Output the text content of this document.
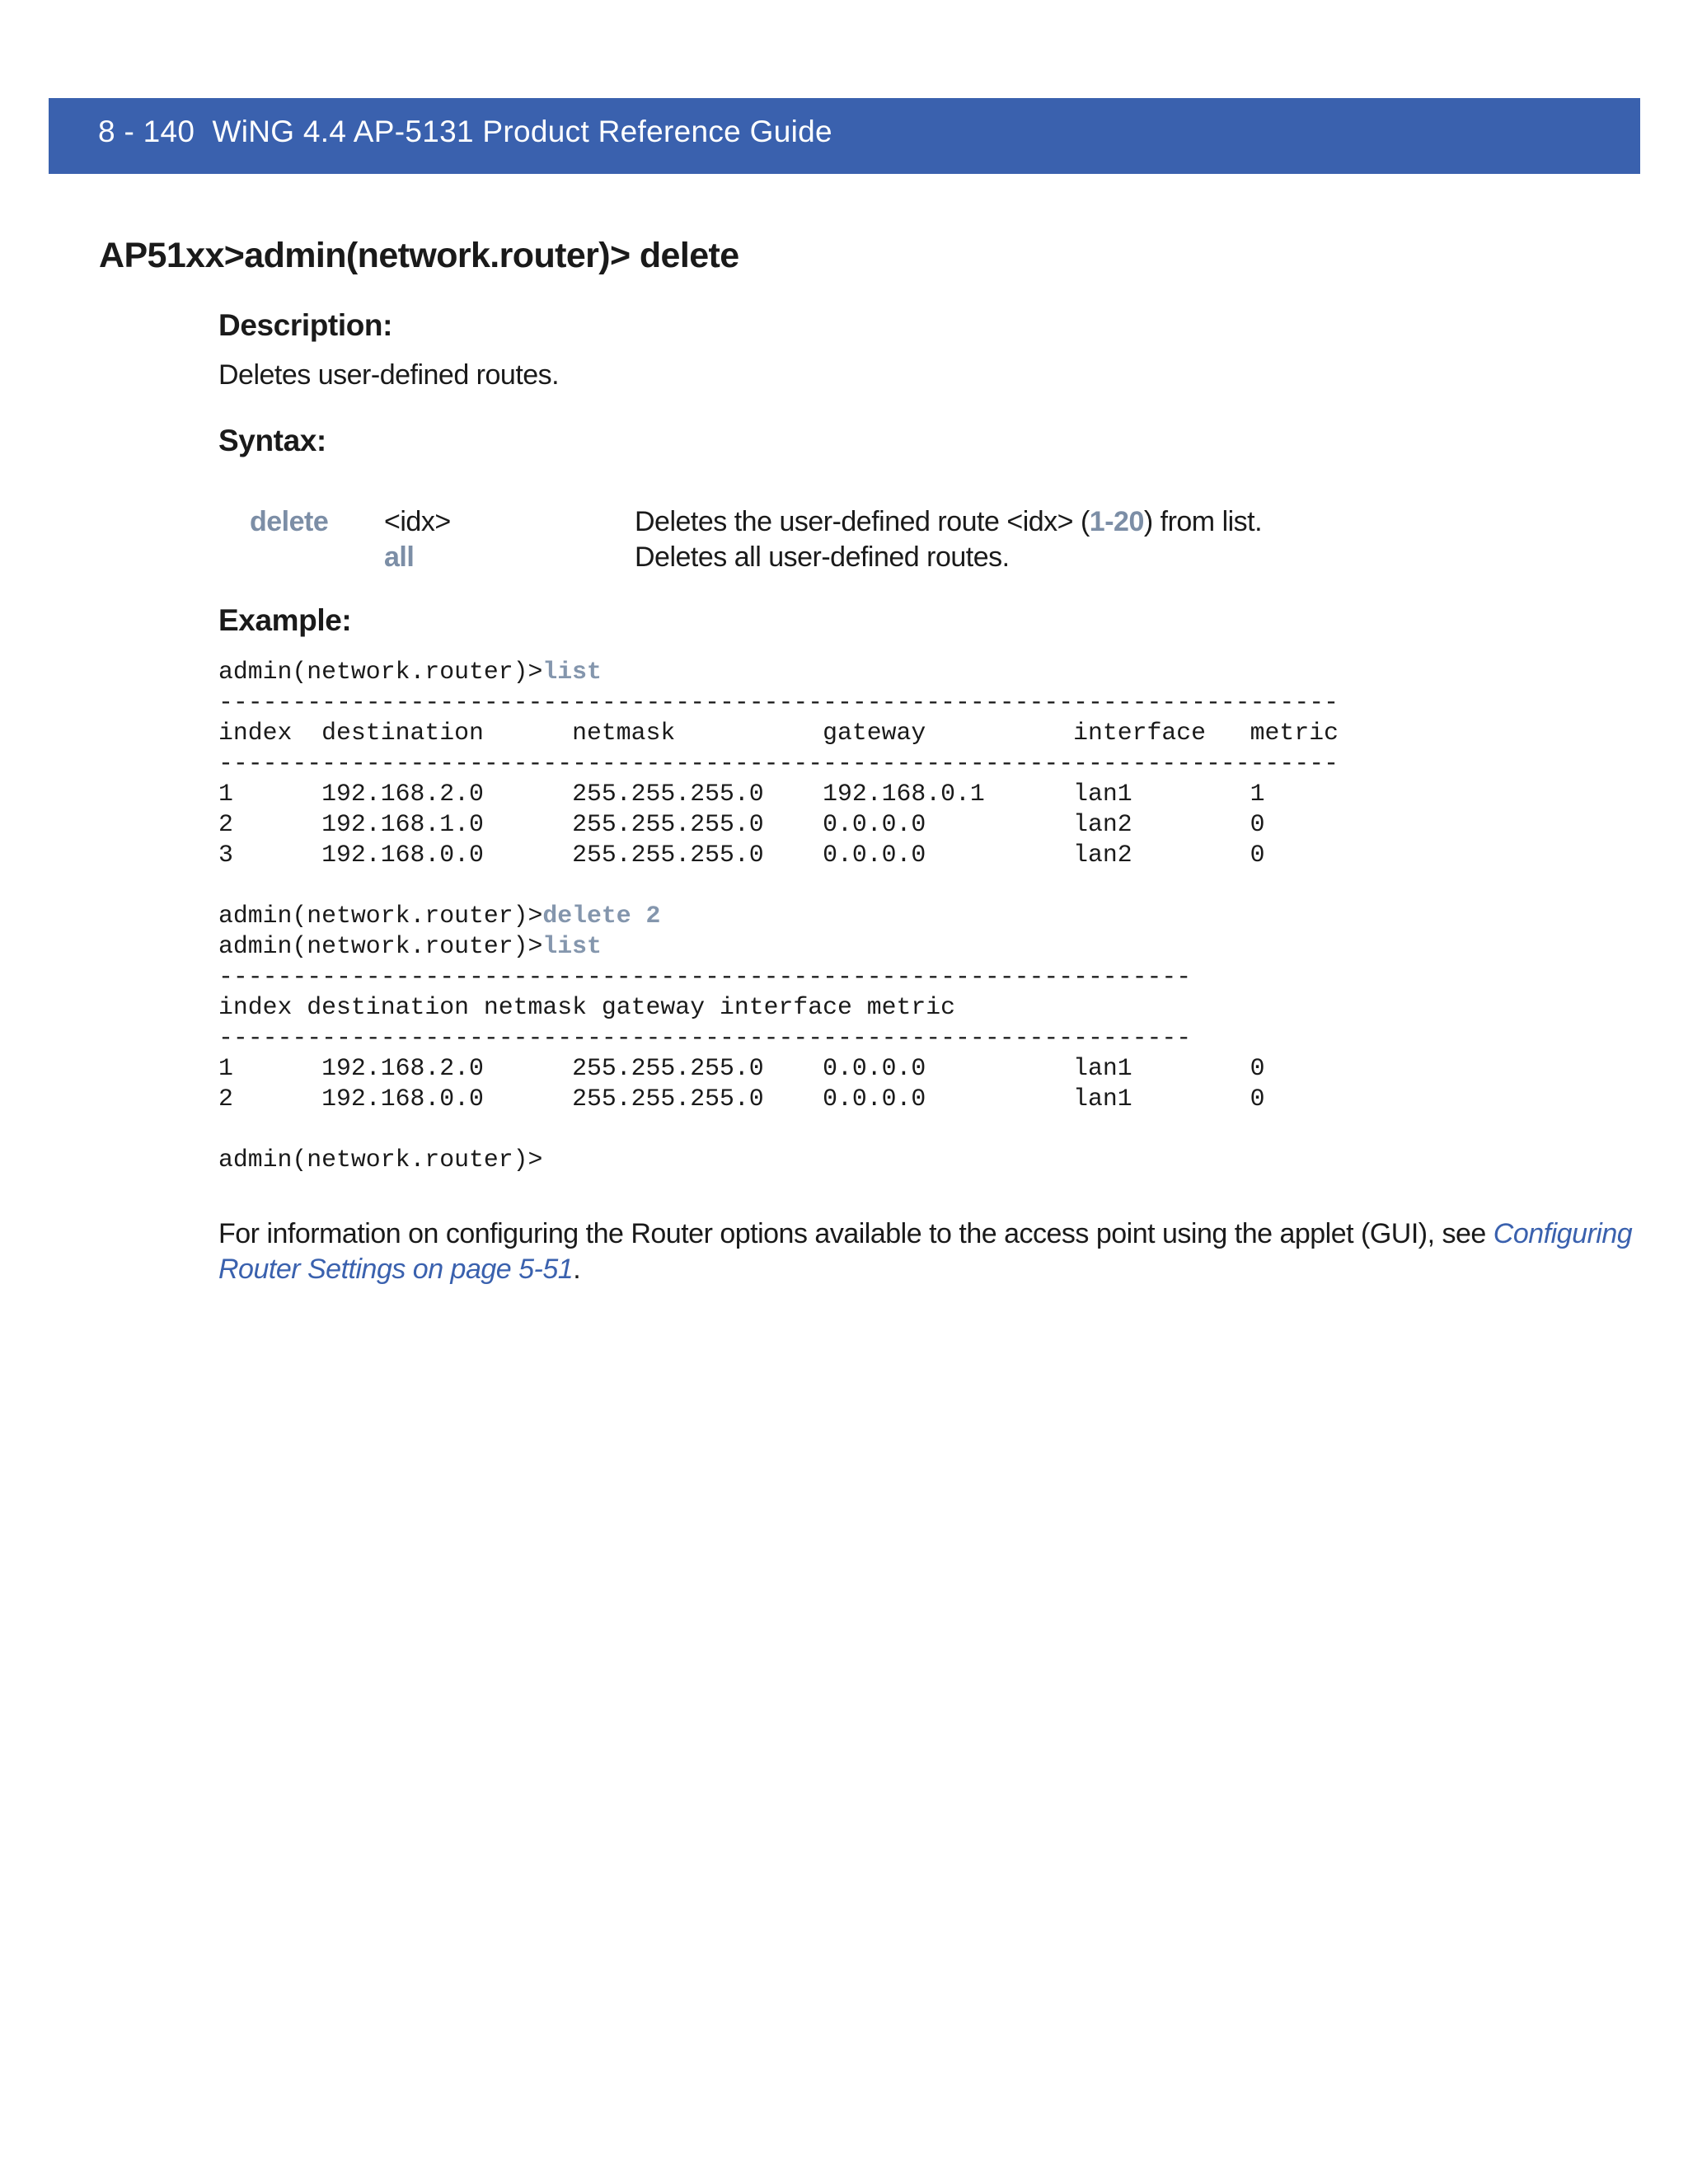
8 - 140 WiNG 4.4 AP-5131 Product Reference Guide
AP51xx>admin(network.router)> delete
Description:

Deletes user-defined routes.

Syntax:
delete <idx>	Deletes the user-defined route <idx> (1-20) from list.
all	Deletes all user-defined routes.
Example:
admin(network.router)>list
----------------------------------------------------------------------------
index  destination      netmask          gateway          interface   metric
----------------------------------------------------------------------------
1      192.168.2.0      255.255.255.0    192.168.0.1      lan1        1
2      192.168.1.0      255.255.255.0    0.0.0.0          lan2        0
3      192.168.0.0      255.255.255.0    0.0.0.0          lan2        0

admin(network.router)>delete 2
admin(network.router)>list
------------------------------------------------------------------
index destination netmask gateway interface metric
------------------------------------------------------------------
1      192.168.2.0      255.255.255.0    0.0.0.0          lan1        0
2      192.168.0.0      255.255.255.0    0.0.0.0          lan1        0

admin(network.router)>

For information on configuring the Router options available to the access point using the applet (GUI), see Configuring

Router Settings on page 5-51.
